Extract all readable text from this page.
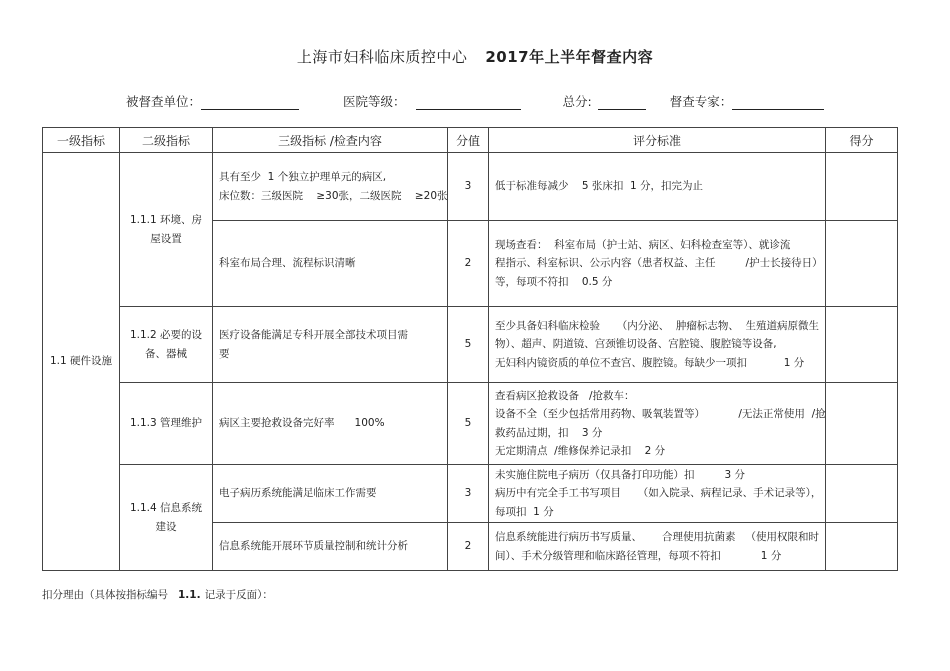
上海市妇科临床质控中心 2017年上半年督查内容
被督查单位：	医院等级：	总分:	督查专家：
一级指标	二级指标	三级指标 /检查内容	分值	评分标准	得分
1.1 硬件设施	1.1.1 环境、房
屋设置	具有至少  1 个独立护理单元的病区,
床位数：三级医院    ≥30张，二级医院    ≥20张	3	低于标准每减少    5 张床扣  1 分，扣完为止	
		科室布局合理、流程标识清晰	2	现场查看：  科室布局（护士站、病区、妇科检查室等）、就诊流
程指示、科室标识、公示内容（患者权益、主任         /护士长接待日）
等，每项不符扣    0.5 分	
	1.1.2 必要的设
备、器械	医疗设备能满足专科开展全部技术项目需
要	5	至少具备妇科临床检验     （内分泌、  肿瘤标志物、  生殖道病原微生
物）、超声、阴道镜、宫颈锥切设备、宫腔镜、腹腔镜等设备,
无妇科内镜资质的单位不查宫、腹腔镜。每缺少一项扣           1 分	
	1.1.3 管理维护	病区主要抢救设备完好率      100%	5	查看病区抢救设备   /抢救车：
设备不全（至少包括常用药物、吸氧装置等）          /无法正常使用  /抢
救药品过期，扣    3 分
无定期清点  /维修保养记录扣    2 分	
	1.1.4 信息系统
建设	电子病历系统能满足临床工作需要	3	未实施住院电子病历（仅具备打印功能）扣         3 分
病历中有完全手工书写项目     （如入院录、病程记录、手术记录等），
每项扣  1 分	
		信息系统能开展环节质量控制和统计分析	2	信息系统能进行病历书写质量、      合理使用抗菌素   （使用权限和时
间）、手术分级管理和临床路径管理，每项不符扣            1 分	
扣分理由（具体按指标编号 1.1. 记录于反面）：
